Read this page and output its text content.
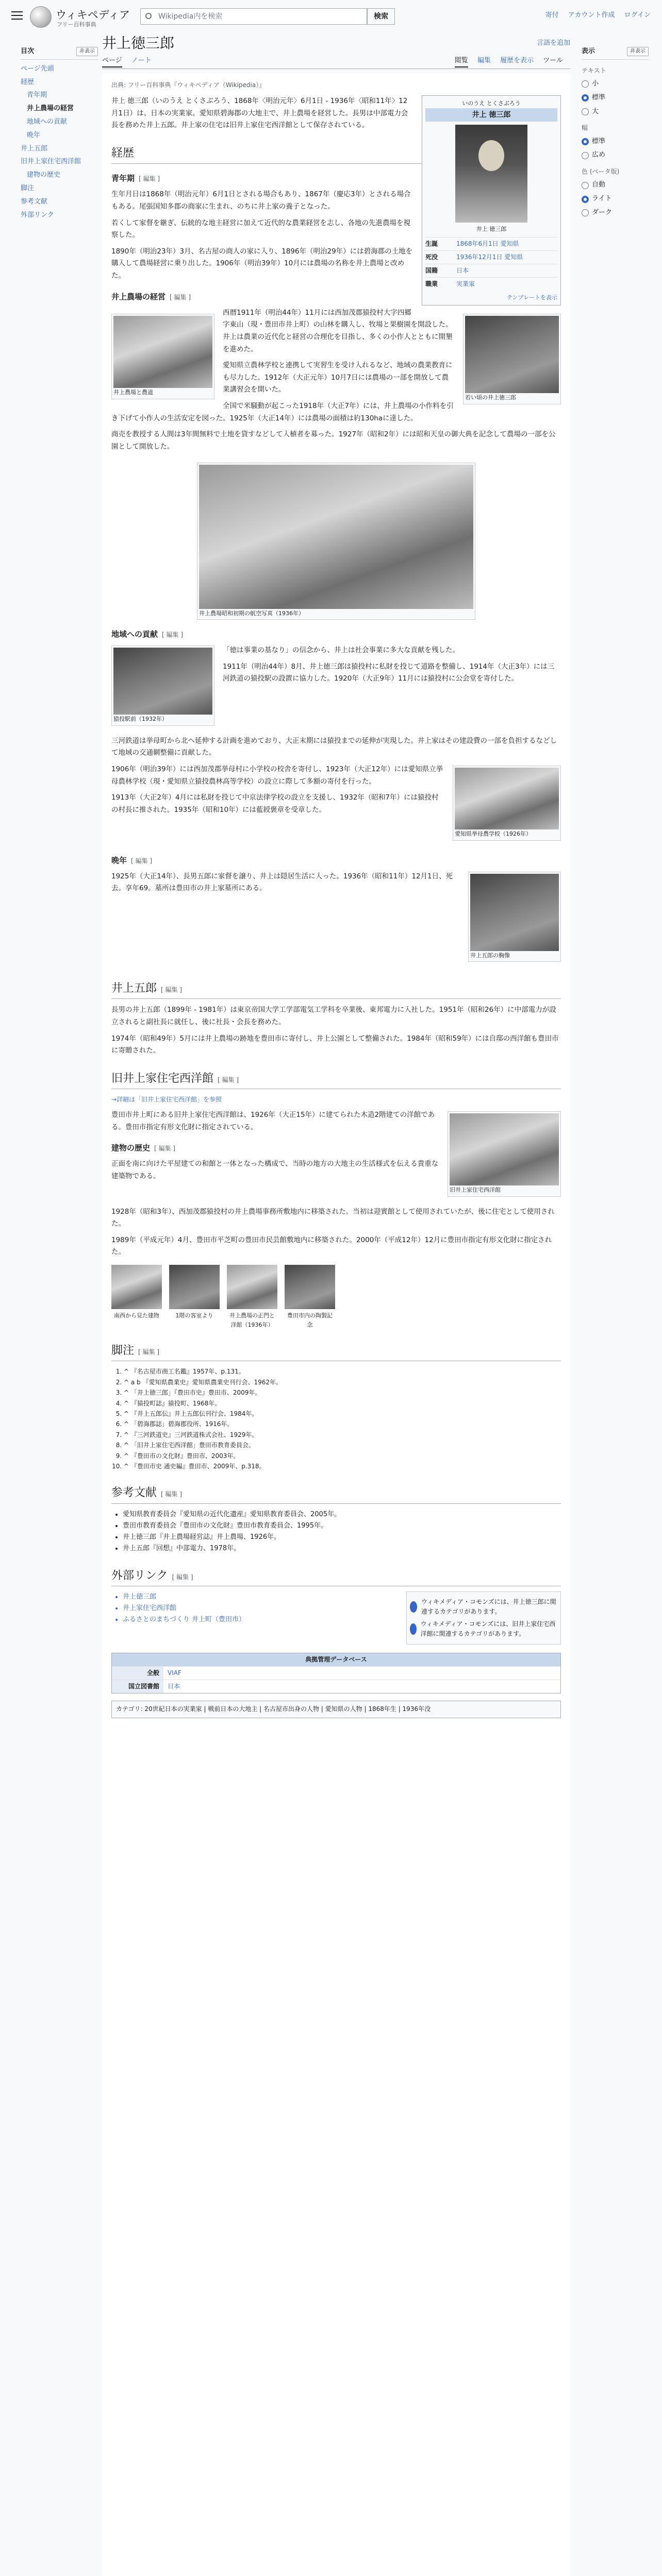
ウィキペディア
フリー百科事典
Wikipedia内を検索	検索	寄付 アカウント作成 ログイン
目次	非表示
ページ先頭
経歴
青年期
井上農場の経営
地域への貢献
晩年
井上五郎
旧井上家住宅西洋館
建物の歴史
脚注
参考文献
外部リンク
表示	非表示
テキスト
小
標準
大
幅
標準
広め
色 (ベータ版)
自動
ライト
ダーク
井上徳三郎	言語を追加
ページ ノート	閲覧 編集 履歴を表示 ツール
出典: フリー百科事典『ウィキペディア（Wikipedia）』
いのうえ とくさぶろう
井上 徳三郎
井上 徳三郎
生誕	1868年6月1日 愛知県
死没	1936年12月1日 愛知県
国籍	日本
職業	実業家
テンプレートを表示

井上 徳三郎（いのうえ とくさぶろう、1868年〈明治元年〉6月1日 - 1936年〈昭和11年〉12月1日）は、日本の実業家。愛知県碧海郡の大地主で、井上農場を経営した。長男は中部電力会長を務めた井上五郎。井上家の住宅は旧井上家住宅西洋館として保存されている。

経歴
青年期 [ 編集 ]

生年月日は1868年（明治元年）6月1日とされる場合もあり、1867年（慶応3年）とされる場合もある。尾張国知多郡の商家に生まれ、のちに井上家の養子となった。

若くして家督を継ぎ、伝統的な地主経営に加えて近代的な農業経営を志し、各地の先進農場を視察した。

若い頃の井上徳三郎

1890年（明治23年）3月、名古屋の商人の家に入り、1896年（明治29年）には碧海郡の土地を購入して農場経営に乗り出した。1906年（明治39年）10月には農場の名称を井上農場と改めた。

井上農場の経営 [ 編集 ]
井上農場と農道

西暦1911年（明治44年）11月には西加茂郡猿投村大字四郷字東山（現・豊田市井上町）の山林を購入し、牧場と果樹園を開設した。井上は農業の近代化と経営の合理化を目指し、多くの小作人とともに開墾を進めた。

愛知県立農林学校と連携して実習生を受け入れるなど、地域の農業教育にも尽力した。1912年（大正元年）10月7日には農場の一部を開放して農業講習会を開いた。

全国で米騒動が起こった1918年（大正7年）には、井上農場の小作料を引き下げて小作人の生活安定を図った。1925年（大正14年）には農場の面積は約130haに達した。

商売を教授する人間は3年間無料で土地を貸すなどして入植者を募った。1927年（昭和2年）には昭和天皇の御大典を記念して農場の一部を公園として開放した。

井上農場昭和初期の航空写真（1936年）
地域への貢献 [ 編集 ]
猿投駅前（1932年）

「徳は事業の基なり」の信念から、井上は社会事業に多大な貢献を残した。

1911年（明治44年）8月、井上徳三郎は猿投村に私財を投じて道路を整備し、1914年（大正3年）には三河鉄道の猿投駅の設置に協力した。1920年（大正9年）11月には猿投村に公会堂を寄付した。

三河鉄道は挙母町から北へ延伸する計画を進めており、大正末期には猿投までの延伸が実現した。井上家はその建設費の一部を負担するなどして地域の交通網整備に貢献した。

愛知県挙母農学校（1926年）

1906年（明治39年）には西加茂郡挙母村に小学校の校舎を寄付し、1923年（大正12年）には愛知県立挙母農林学校（現・愛知県立猿投農林高等学校）の設立に際して多額の寄付を行った。

1913年（大正2年）4月には私財を投じて中京法律学校の設立を支援し、1932年（昭和7年）には猿投村の村長に推された。1935年（昭和10年）には藍綬褒章を受章した。

晩年 [ 編集 ]
井上五郎の胸像

1925年（大正14年）、長男五郎に家督を譲り、井上は隠居生活に入った。1936年（昭和11年）12月1日、死去。享年69。墓所は豊田市の井上家墓所にある。

井上五郎 [ 編集 ]

長男の井上五郎（1899年 - 1981年）は東京帝国大学工学部電気工学科を卒業後、東邦電力に入社した。1951年（昭和26年）に中部電力が設立されると副社長に就任し、後に社長・会長を務めた。

1974年（昭和49年）5月には井上農場の跡地を豊田市に寄付し、井上公園として整備された。1984年（昭和59年）には自邸の西洋館も豊田市に寄贈された。

旧井上家住宅西洋館 [ 編集 ]

→詳細は「旧井上家住宅西洋館」を参照

旧井上家住宅西洋館

豊田市井上町にある旧井上家住宅西洋館は、1926年（大正15年）に建てられた木造2階建ての洋館である。豊田市指定有形文化財に指定されている。

建物の歴史 [ 編集 ]

正面を南に向けた平屋建ての和館と一体となった構成で、当時の地方の大地主の生活様式を伝える貴重な建築物である。

1928年（昭和3年）、西加茂郡猿投村の井上農場事務所敷地内に移築された。当初は迎賓館として使用されていたが、後に住宅として使用された。

1989年（平成元年）4月、豊田市平芝町の豊田市民芸館敷地内に移築された。2000年（平成12年）12月に豊田市指定有形文化財に指定された。

南西から見た建物	1階の客室より	井上農場の正門と洋館（1936年）
豊田市内の陶製記念
脚注 [ 編集 ]
1. ^ 『名古屋市商工名鑑』1957年、p.131。
2. ^ a b 『愛知県農業史』愛知県農業史刊行会、1962年。
3. ^ 「井上徳三郎」『豊田市史』豊田市、2009年。
4. ^ 『猿投町誌』猿投町、1968年。
5. ^ 『井上五郎伝』井上五郎伝刊行会、1984年。
6. ^ 「碧海郡誌」碧海郡役所、1916年。
7. ^ 『三河鉄道史』三河鉄道株式会社、1929年。
8. ^ 「旧井上家住宅西洋館」豊田市教育委員会。
9. ^ 『豊田市の文化財』豊田市、2003年。
10. ^ 『豊田市史 通史編』豊田市、2009年、p.318。
参考文献 [ 編集 ]
• 愛知県教育委員会『愛知県の近代化遺産』愛知県教育委員会、2005年。
• 豊田市教育委員会『豊田市の文化財』豊田市教育委員会、1995年。
• 井上徳三郎『井上農場経営誌』井上農場、1926年。
• 井上五郎『回想』中部電力、1978年。
外部リンク [ 編集 ]
ウィキメディア・コモンズには、井上徳三郎に関連するカテゴリがあります。
ウィキメディア・コモンズには、旧井上家住宅西洋館に関連するカテゴリがあります。
• 井上徳三郎
• 井上家住宅西洋館
• ふるさとのまちづくり 井上町（豊田市）
典拠管理データベース
全般	VIAF
国立図書館	日本
カテゴリ: 20世紀日本の実業家 | 戦前日本の大地主 | 名古屋市出身の人物 | 愛知県の人物 | 1868年生 | 1936年没
